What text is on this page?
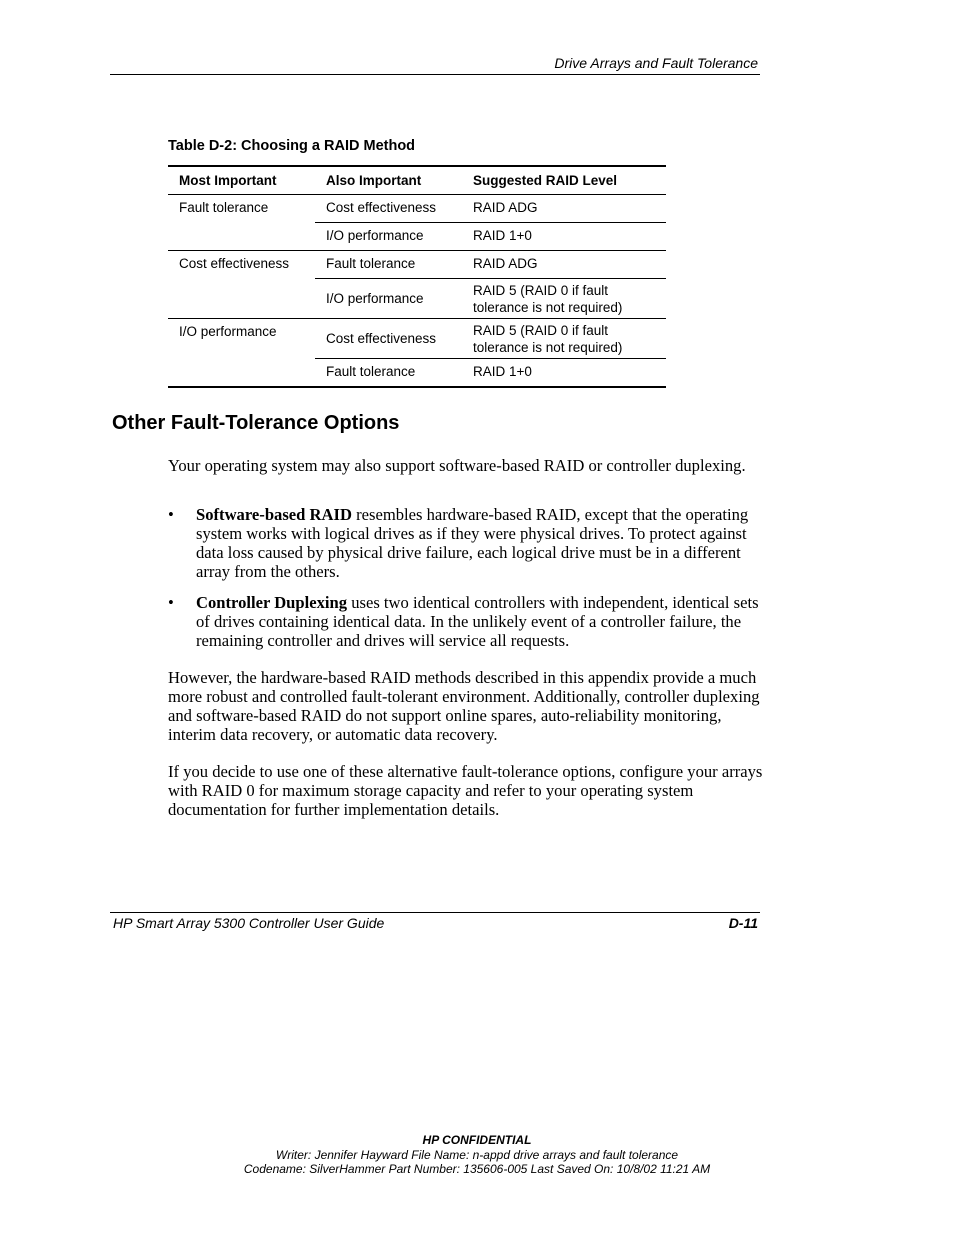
Drive Arrays and Fault Tolerance
Table D-2: Choosing a RAID Method
Most Important	Also Important	Suggested RAID Level
Fault tolerance	Cost effectiveness	RAID ADG
	I/O performance	RAID 1+0
Cost effectiveness	Fault tolerance	RAID ADG
	I/O performance	RAID 5 (RAID 0 if fault tolerance is not required)
I/O performance	Cost effectiveness	RAID 5 (RAID 0 if fault tolerance is not required)
	Fault tolerance	RAID 1+0
Other Fault-Tolerance Options
Your operating system may also support software-based RAID or controller duplexing.
• Software-based RAID resembles hardware-based RAID, except that the operating system works with logical drives as if they were physical drives. To protect against data loss caused by physical drive failure, each logical drive must be in a different array from the others.
• Controller Duplexing uses two identical controllers with independent, identical sets of drives containing identical data. In the unlikely event of a controller failure, the remaining controller and drives will service all requests.
However, the hardware-based RAID methods described in this appendix provide a much more robust and controlled fault-tolerant environment. Additionally, controller duplexing and software-based RAID do not support online spares, auto-reliability monitoring, interim data recovery, or automatic data recovery.
If you decide to use one of these alternative fault-tolerance options, configure your arrays with RAID 0 for maximum storage capacity and refer to your operating system documentation for further implementation details.
HP Smart Array 5300 Controller User Guide	D-11
HP CONFIDENTIAL
Writer: Jennifer Hayward File Name: n-appd drive arrays and fault tolerance
Codename: SilverHammer Part Number: 135606-005 Last Saved On: 10/8/02 11:21 AM
